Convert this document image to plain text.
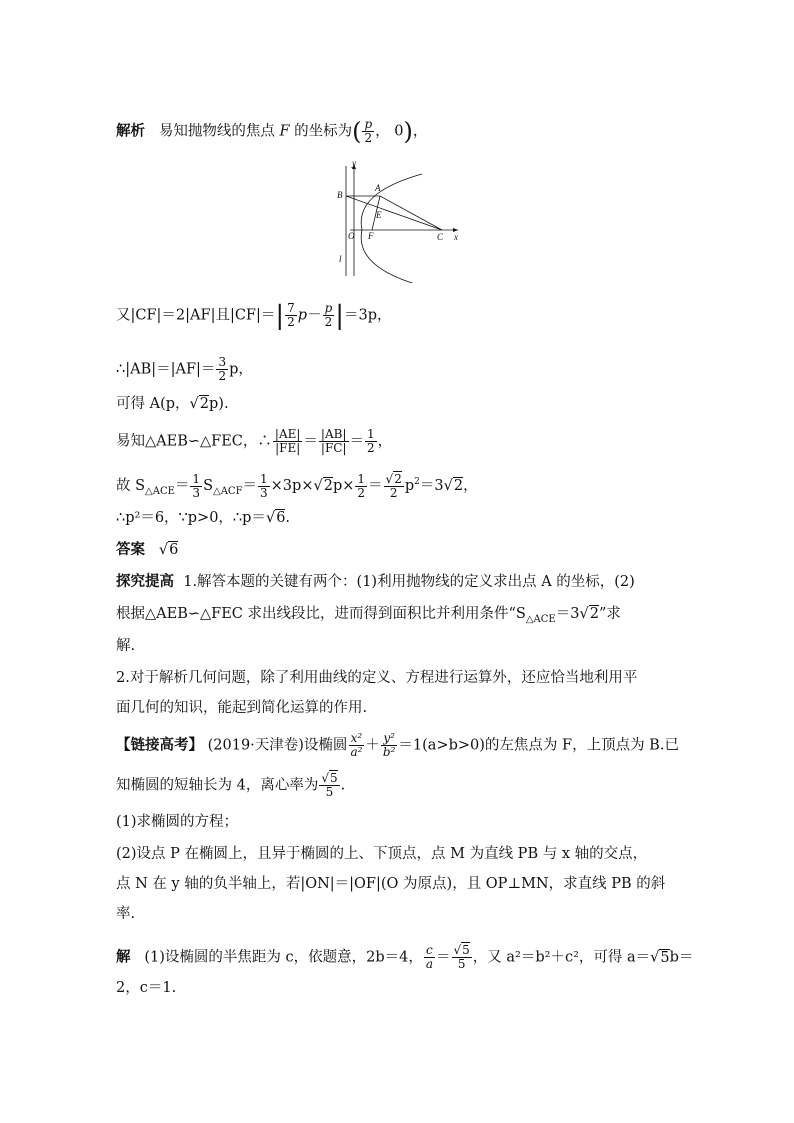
解析 易知抛物线的焦点 F 的坐标为( $\frac{p}{2}$ ， 0)，
y
x
B
A
E
O F	C
l
又|CF|＝2|AF|且$|CF|=| \frac{7}{2} p- \frac{p}{2} |=3p$，
∴|AB|＝|AF|＝ $\frac{3}{2}$ p，
可得 A(p，√2p).
易知△AEB∽△FEC，∴ $\frac{|AE|}{|FE|} = \frac{|AB|}{|FC|} = \frac{1}{2}$ ，
故 $S_{\triangle ACE}= \frac{1}{3} S_{\triangle ACF}= \frac{1}{3} \times 3p\times√2p\times \frac{1}{2} = \frac{√2}{2} p^2=3√2$，
∴p²＝6，∵p>0，∴p＝√6.
答案   √6
探究提高 1.解答本题的关键有两个：(1)利用抛物线的定义求出点 A 的坐标，(2)
根据△AEB∽△FEC 求出线段比，进而得到面积比并利用条件“$S_{\triangle ACE}=3√2$”求
解.
2.对于解析几何问题，除了利用曲线的定义、方程进行运算外，还应恰当地利用平
面几何的知识，能起到简化运算的作用.
【链接高考】 (2019·天津卷)设椭圆 $\frac{\text{x²}}{\text{a²}} + \frac{\text{y²}}{\text{b²}} =1(a>b>0)$的左焦点为 F，上顶点为 B.已
知椭圆的短轴长为 4，离心率为 $\frac{√5}{5}$ .
(1)求椭圆的方程；
(2)设点 P 在椭圆上，且异于椭圆的上、下顶点，点 M 为直线 PB 与 x 轴的交点，
点 N 在 y 轴的负半轴上，若|ON|＝|OF|(O 为原点)，且 OP⊥MN，求直线 PB 的斜
率.
解 (1)设椭圆的半焦距为 c，依题意，2b＝4， $\frac{c}{a} = \frac{√5}{5}$ ，又 a²＝b²＋c²，可得 a＝√5b＝
2，c＝1.
